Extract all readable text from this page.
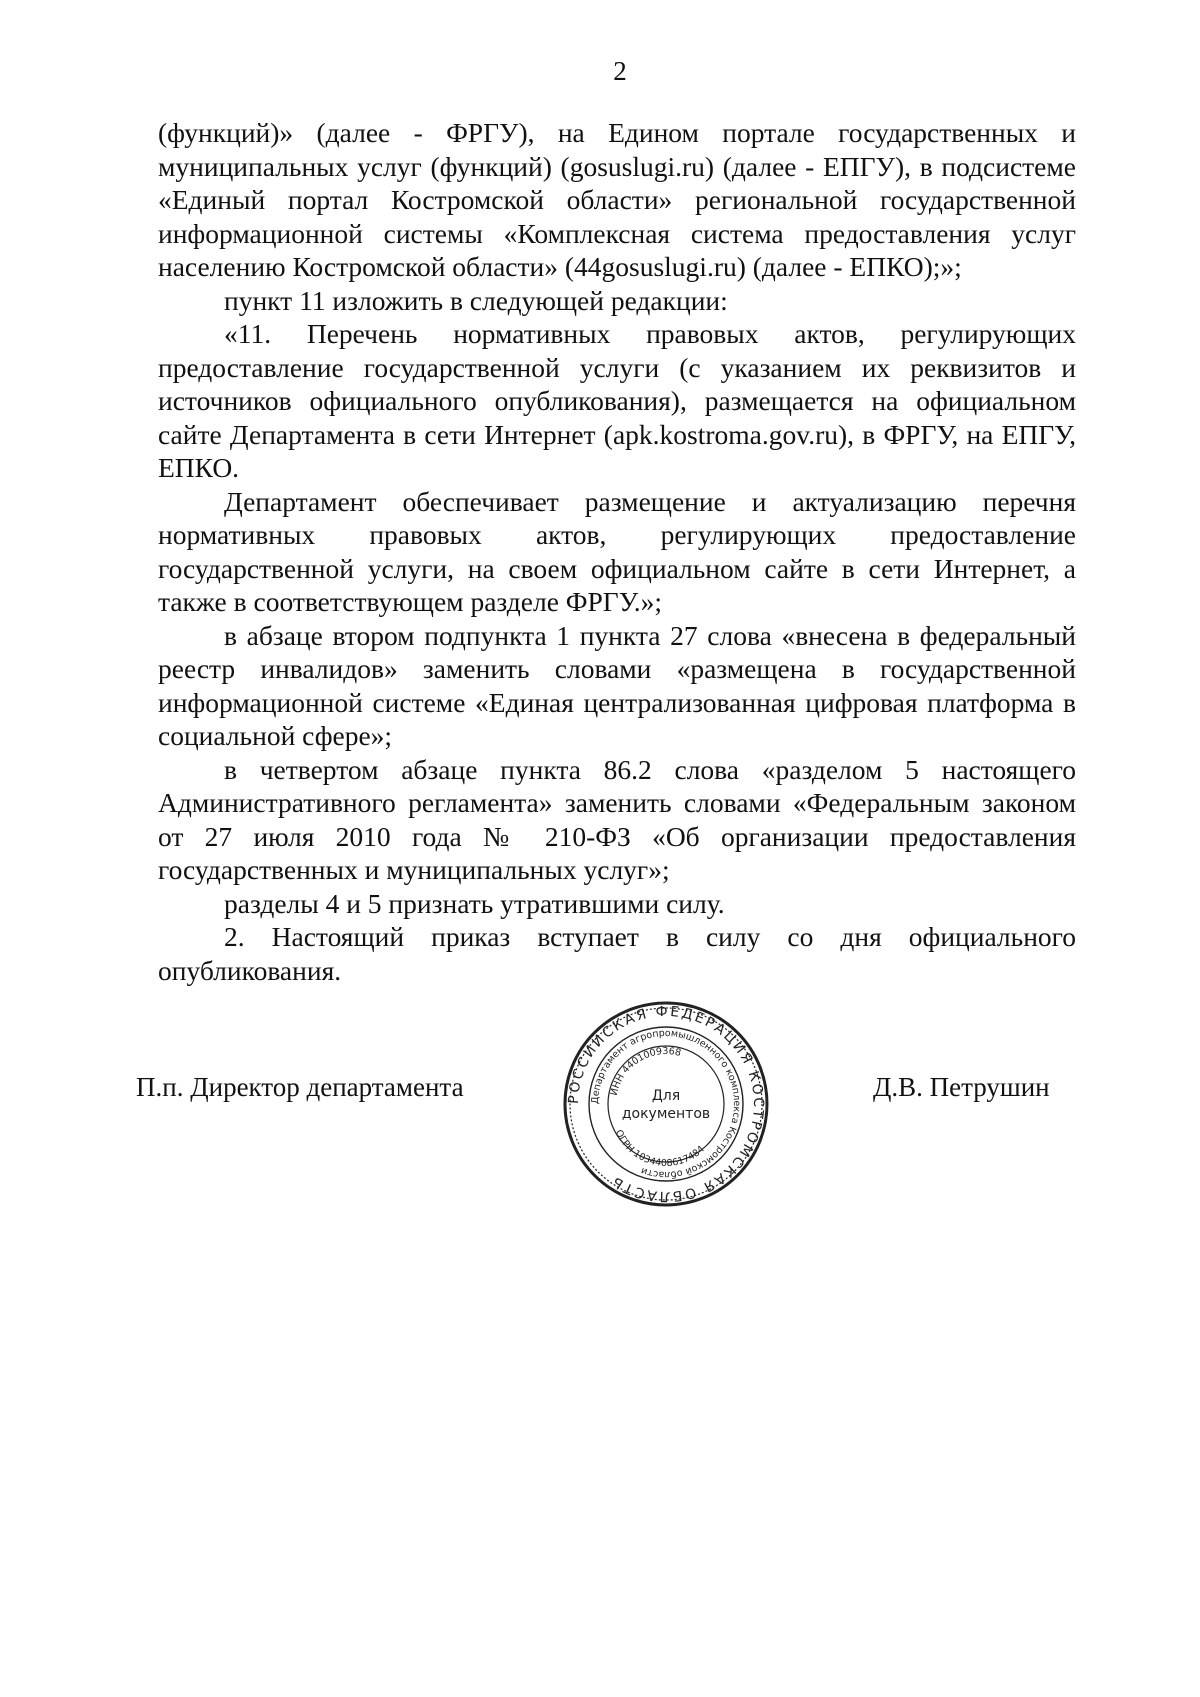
2

(функций)» (далее - ФРГУ), на Едином портале государственных и муниципальных услуг (функций) (gosuslugi.ru) (далее - ЕПГУ), в подсистеме «Единый портал Костромской области» региональной государственной информационной системы «Комплексная система предоставления услуг населению Костромской области» (44gosuslugi.ru) (далее - ЕПКО);»;

пункт 11 изложить в следующей редакции:

«11. Перечень нормативных правовых актов, регулирующих предоставление государственной услуги (с указанием их реквизитов и источников официального опубликования), размещается на официальном сайте Департамента в сети Интернет (apk.kostroma.gov.ru), в ФРГУ, на ЕПГУ, ЕПКО.

Департамент обеспечивает размещение и актуализацию перечня нормативных правовых актов, регулирующих предоставление государственной услуги, на своем официальном сайте в сети Интернет, а также в соответствующем разделе ФРГУ.»;

в абзаце втором подпункта 1 пункта 27 слова «внесена в федеральный реестр инвалидов» заменить словами «размещена в государственной информационной системе «Единая централизованная цифровая платформа в социальной сфере»;

в четвертом абзаце пункта 86.2 слова «разделом 5 настоящего Административного регламента» заменить словами «Федеральным законом от 27 июля 2010 года № 210-ФЗ «Об организации предоставления государственных и муниципальных услуг»;

разделы 4 и 5 признать утратившими силу.

2. Настоящий приказ вступает в силу со дня официального опубликования.

П.п. Директор департамента	Д.В. Петрушин
РОССИЙСКАЯ ФЕДЕРАЦИЯ КОСТРОМСКАЯ ОБЛАСТЬ
Департамент агропромышленного комплекса Костромской области
ИНН 4401009368
ОГРН 1034408617484
Для
документов
